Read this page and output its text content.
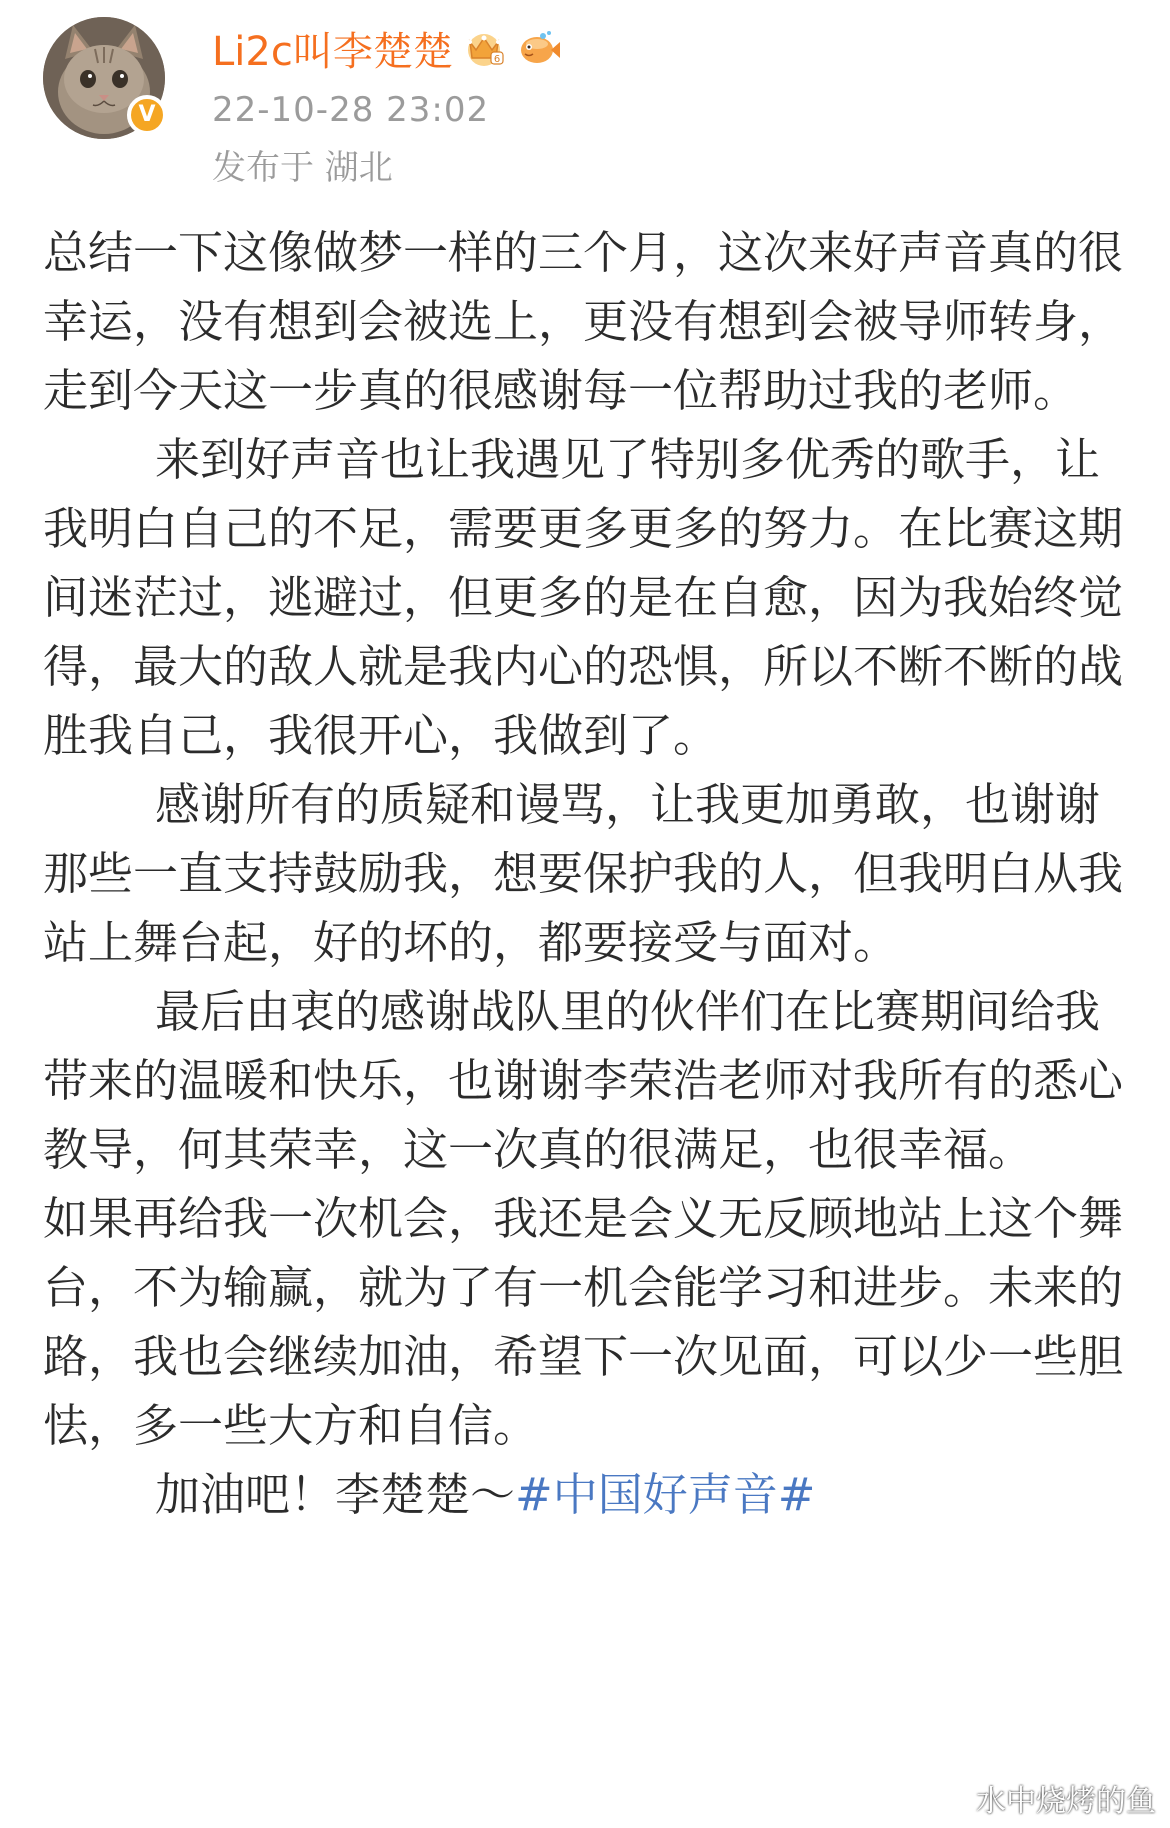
V
Li2c叫李楚楚	6
22-10-28 23:02
发布于 湖北

总结一下这像做梦一样的三个月，这次来好声音真的很幸运，没有想到会被选上，更没有想到会被导师转身，走到今天这一步真的很感谢每一位帮助过我的老师。

来到好声音也让我遇见了特别多优秀的歌手，让我明白自己的不足，需要更多更多的努力。在比赛这期间迷茫过，逃避过，但更多的是在自愈，因为我始终觉得，最大的敌人就是我内心的恐惧，所以不断不断的战胜我自己，我很开心，我做到了。

感谢所有的质疑和谩骂，让我更加勇敢，也谢谢那些一直支持鼓励我，想要保护我的人，但我明白从我站上舞台起，好的坏的，都要接受与面对。

最后由衷的感谢战队里的伙伴们在比赛期间给我带来的温暖和快乐，也谢谢李荣浩老师对我所有的悉心教导，何其荣幸，这一次真的很满足，也很幸福。

如果再给我一次机会，我还是会义无反顾地站上这个舞台，不为输赢，就为了有一机会能学习和进步。未来的路，我也会继续加油，希望下一次见面，可以少一些胆怯，多一些大方和自信。

加油吧！李楚楚～#中国好声音#

水中烧烤的鱼
